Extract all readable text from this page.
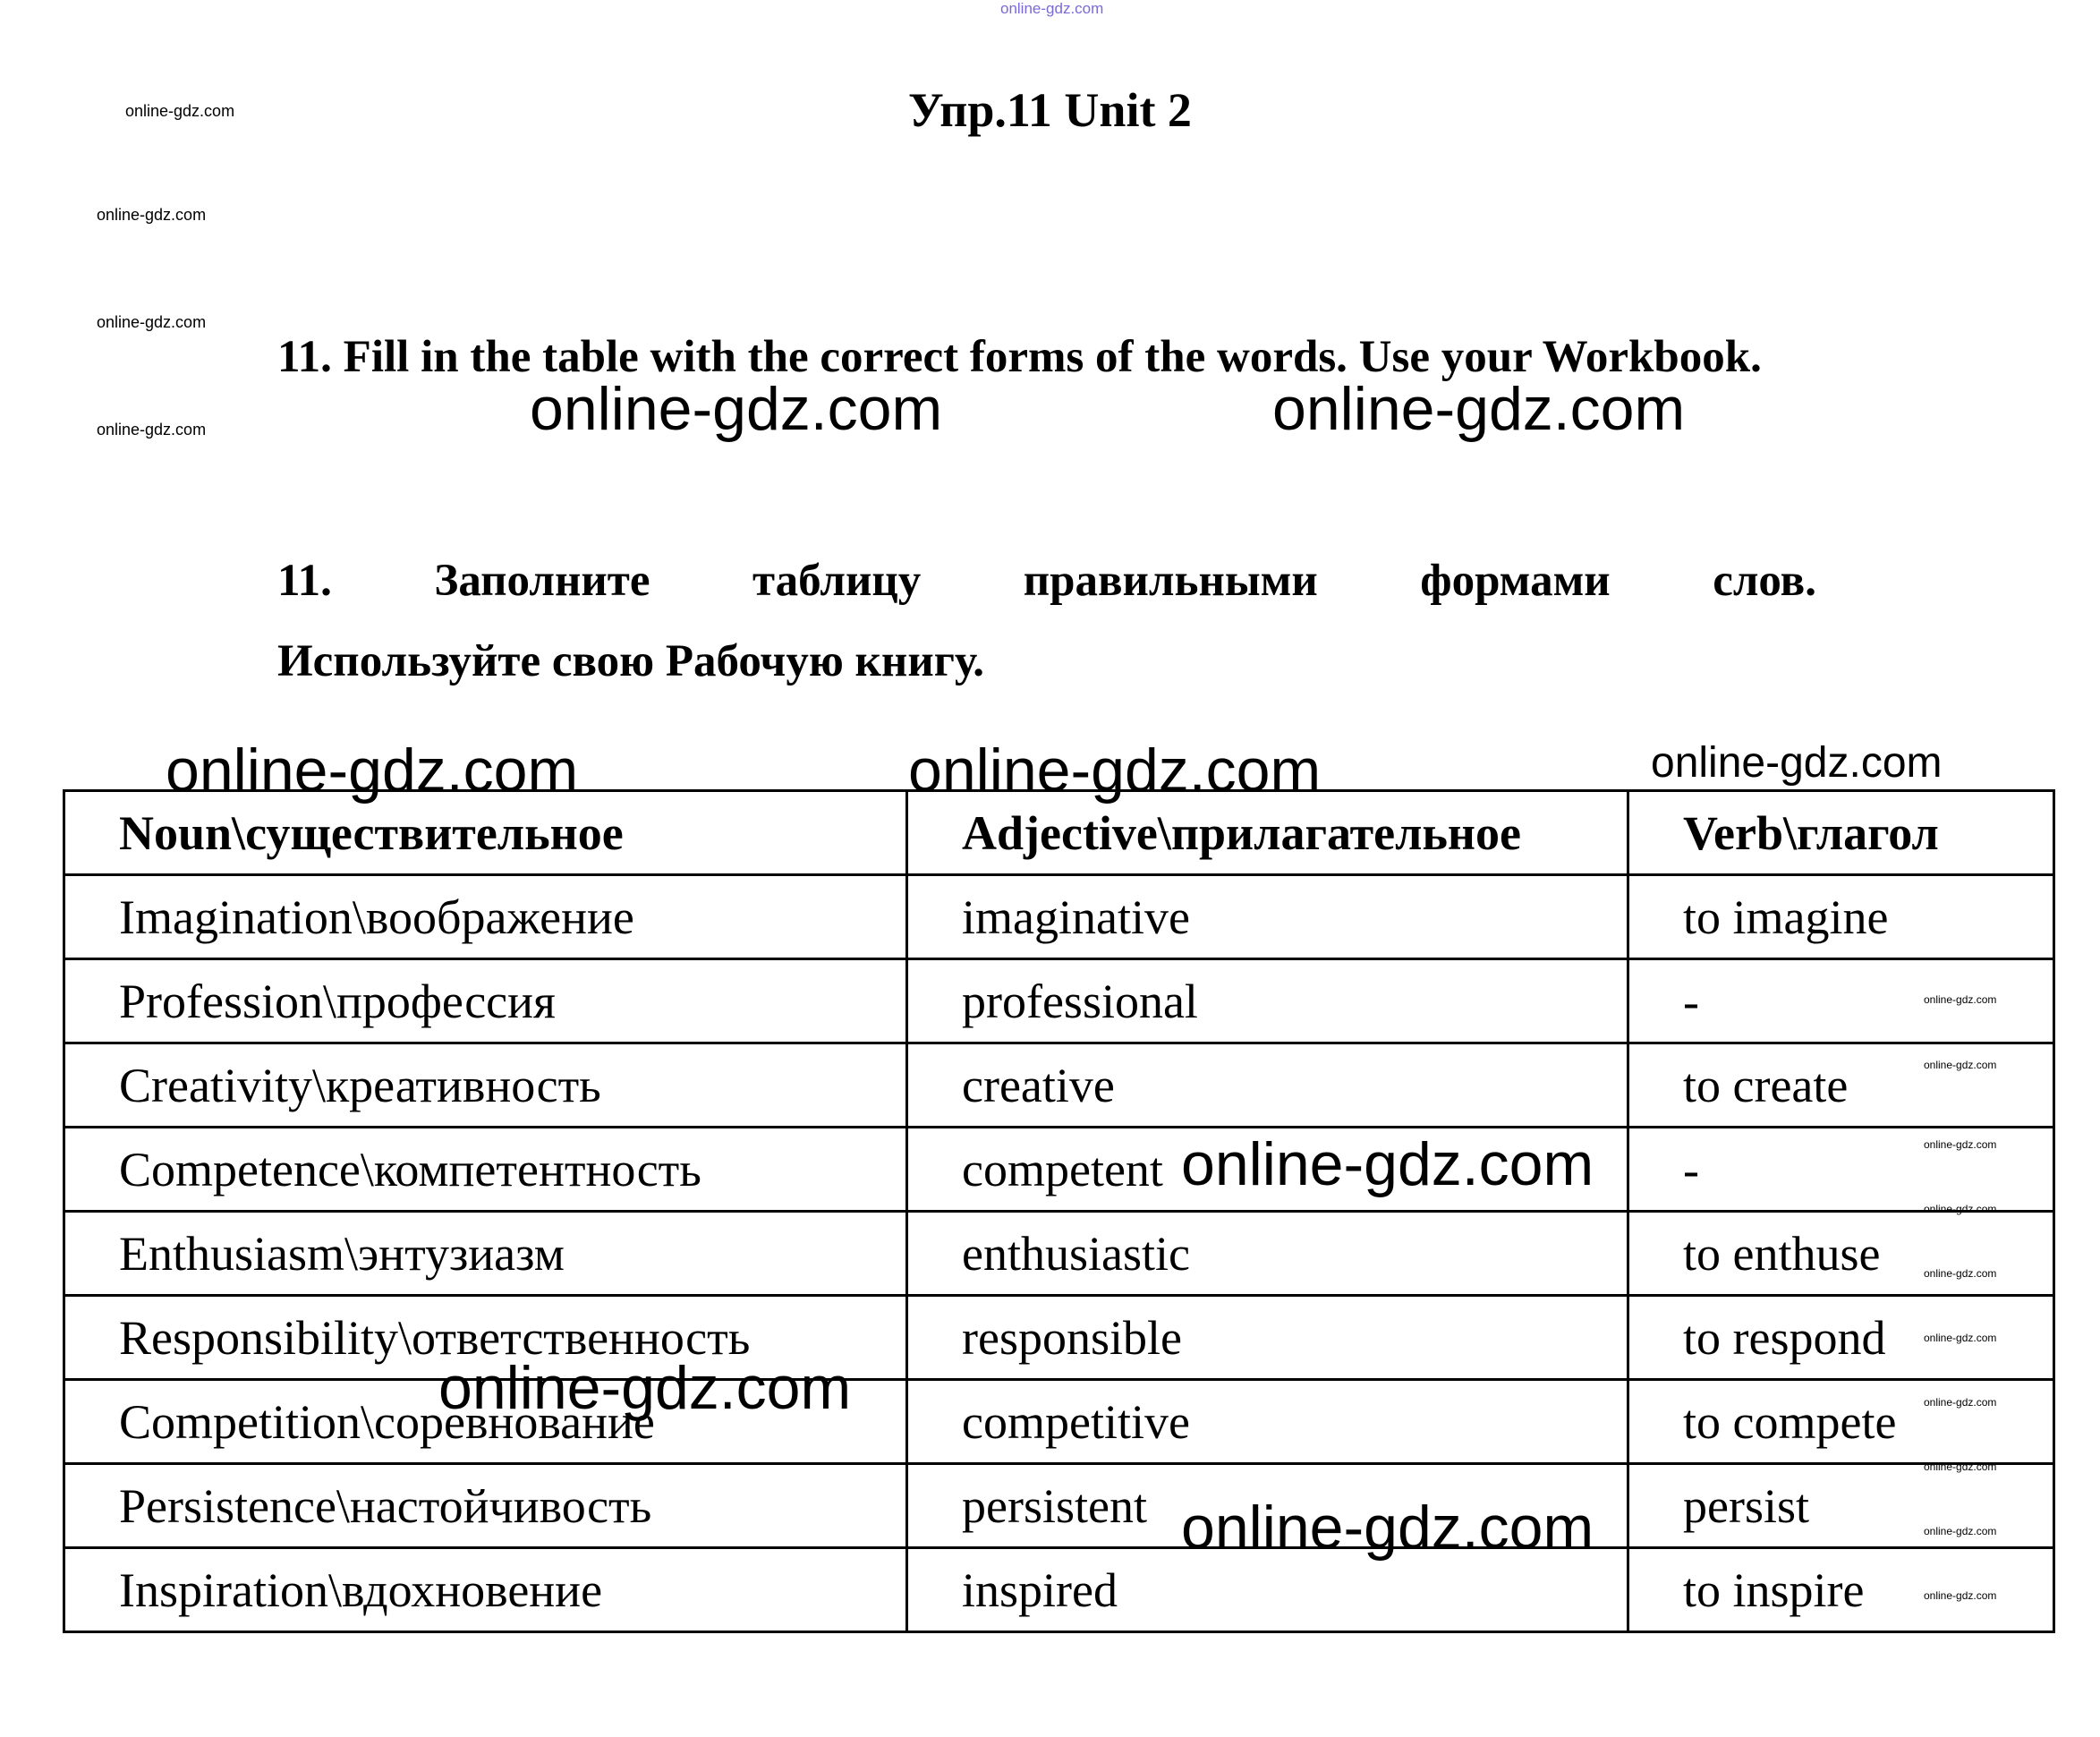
online-gdz.com
online-gdz.com
online-gdz.com
online-gdz.com
online-gdz.com
Упр.11 Unit 2
11. Fill in the table with the correct forms of the words. Use your Workbook.
11. Заполните таблицу правильными формами слов.
Используйте свою Рабочую книгу.
Noun\существительное	Adjective\прилагательное	Verb\глагол
Imagination\воображение	imaginative	to imagine
Profession\профессия	professional	-
Creativity\креативность	creative	to create
Competence\компетентность	competent	-
Enthusiasm\энтузиазм	enthusiastic	to enthuse
Responsibility\ответственность	responsible	to respond
Competition\соревнование	competitive	to compete
Persistence\настойчивость	persistent	persist
Inspiration\вдохновение	inspired	to inspire
online-gdz.com	online-gdz.com
online-gdz.com	online-gdz.com	online-gdz.com
online-gdz.com
online-gdz.com
online-gdz.com
online-gdz.com
online-gdz.com
online-gdz.com
online-gdz.com
online-gdz.com
online-gdz.com
online-gdz.com
online-gdz.com
online-gdz.com
online-gdz.com
